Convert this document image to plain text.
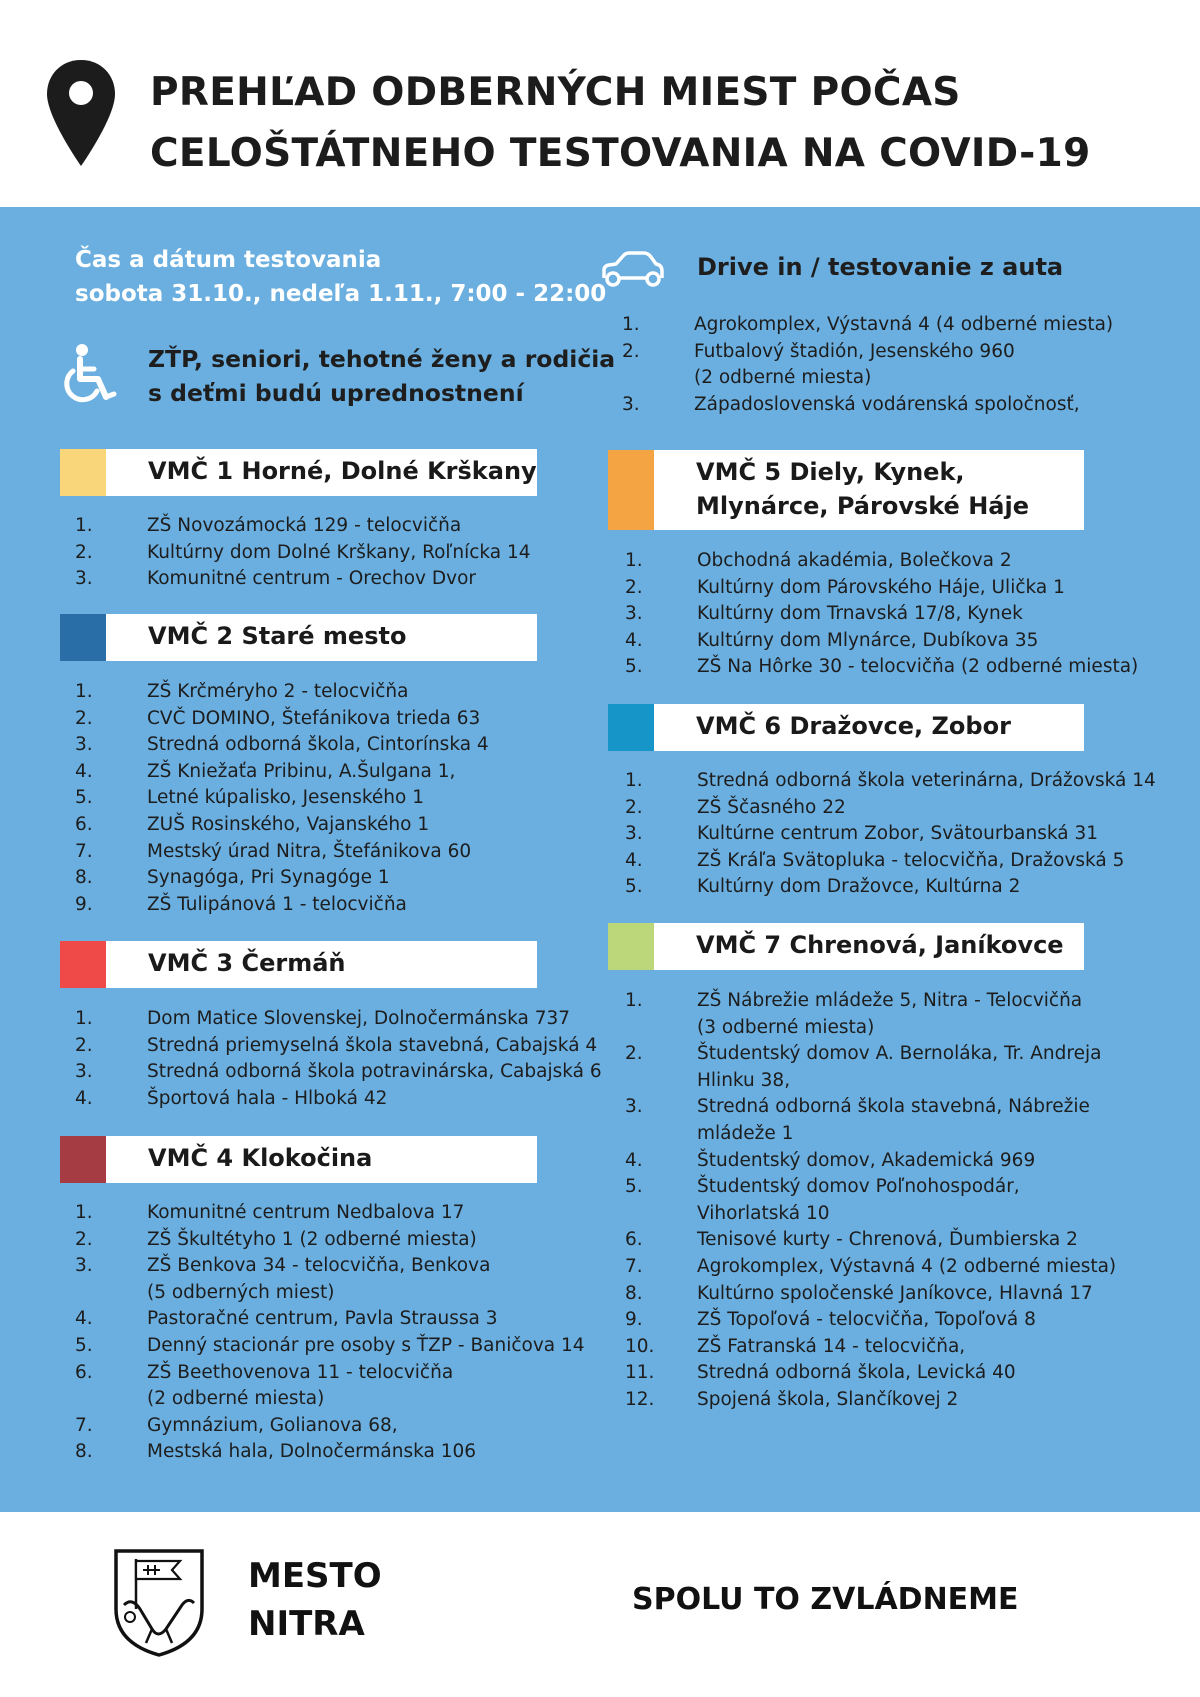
PREHĽAD ODBERNÝCH MIEST POČAS
CELOŠTÁTNEHO TESTOVANIA NA COVID-19
Čas a dátum testovania
sobota 31.10., nedeľa 1.11., 7:00 - 22:00
ZŤP, seniori, tehotné ženy a rodičia
s deťmi budú uprednostnení
Drive in / testovanie z auta
1.	Agrokomplex, Výstavná 4 (4 odberné miesta)
2.	Futbalový štadión, Jesenského 960
(2 odberné miesta)
3.	Západoslovenská vodárenská spoločnosť,
VMČ 1 Horné, Dolné Krškany
1.	ZŠ Novozámocká 129 - telocvičňa
2.	Kultúrny dom Dolné Krškany, Roľnícka 14
3.	Komunitné centrum - Orechov Dvor
VMČ 2 Staré mesto
1.	ZŠ Krčméryho 2 - telocvičňa
2.	CVČ DOMINO, Štefánikova trieda 63
3.	Stredná odborná škola, Cintorínska 4
4.	ZŠ Kniežaťa Pribinu, A.Šulgana 1,
5.	Letné kúpalisko, Jesenského 1
6.	ZUŠ Rosinského, Vajanského 1
7.	Mestský úrad Nitra, Štefánikova 60
8.	Synagóga, Pri Synagóge 1
9.	ZŠ Tulipánová 1 - telocvičňa
VMČ 3 Čermáň
1.	Dom Matice Slovenskej, Dolnočermánska 737
2.	Stredná priemyselná škola stavebná, Cabajská 4
3.	Stredná odborná škola potravinárska, Cabajská 6
4.	Športová hala - Hlboká 42
VMČ 4 Klokočina
1.	Komunitné centrum Nedbalova 17
2.	ZŠ Škultétyho 1 (2 odberné miesta)
3.	ZŠ Benkova 34 - telocvičňa, Benkova
(5 odberných miest)
4.	Pastoračné centrum, Pavla Straussa 3
5.	Denný stacionár pre osoby s ŤZP - Baničova 14
6.	ZŠ Beethovenova 11 - telocvičňa
(2 odberné miesta)
7.	Gymnázium, Golianova 68,
8.	Mestská hala, Dolnočermánska 106
VMČ 5 Diely, Kynek,
Mlynárce, Párovské Háje
1.	Obchodná akadémia, Bolečkova 2
2.	Kultúrny dom Párovského Háje, Ulička 1
3.	Kultúrny dom Trnavská 17/8, Kynek
4.	Kultúrny dom Mlynárce, Dubíkova 35
5.	ZŠ Na Hôrke 30 - telocvičňa (2 odberné miesta)
VMČ 6 Dražovce, Zobor
1.	Stredná odborná škola veterinárna, Drážovská 14
2.	ZŠ Ščasného 22
3.	Kultúrne centrum Zobor, Svätourbanská 31
4.	ZŠ Kráľa Svätopluka - telocvičňa, Dražovská 5
5.	Kultúrny dom Dražovce, Kultúrna 2
VMČ 7 Chrenová, Janíkovce
1.	ZŠ Nábrežie mládeže 5, Nitra - Telocvičňa
(3 odberné miesta)
2.	Študentský domov A. Bernoláka, Tr. Andreja
Hlinku 38,
3.	Stredná odborná škola stavebná, Nábrežie
mládeže 1
4.	Študentský domov, Akademická 969
5.	Študentský domov Poľnohospodár,
Vihorlatská 10
6.	Tenisové kurty - Chrenová, Ďumbierska 2
7.	Agrokomplex, Výstavná 4 (2 odberné miesta)
8.	Kultúrno spoločenské Janíkovce, Hlavná 17
9.	ZŠ Topoľová - telocvičňa, Topoľová 8
10. ZŠ Fatranská 14 - telocvičňa,
11. Stredná odborná škola, Levická 40
12. Spojená škola, Slančíkovej 2
MESTO
NITRA
SPOLU TO ZVLÁDNEME
